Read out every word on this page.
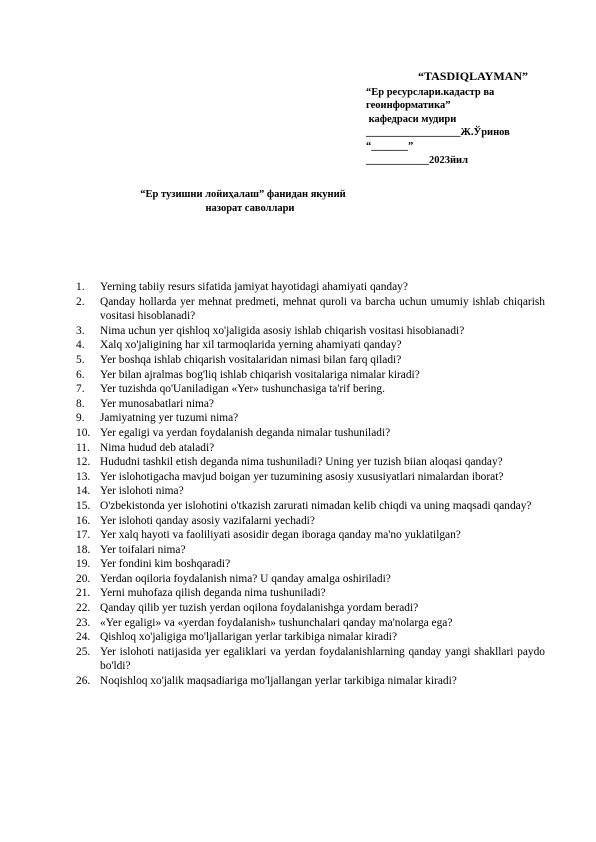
“TASDIQLAYMAN”
“Ер ресурслари.кадастр ва
геоинформатика”
кафедраси мудири
__________________Ж.Ўринов
“_______”
____________2023йил
“Ер тузишни лойиҳалаш” фанидан якуний
назорат саволлари
1.	Yerning tabiiy resurs sifatida jamiyat hayotidagi ahamiyati qanday?
2.	Qanday hollarda yer mehnat predmeti, mehnat quroli va barcha uchun umumiy ishlab chiqarish vositasi hisoblanadi?
3.	Nima uchun yer qishloq xo'jaligida asosiy ishlab chiqarish vositasi hisobianadi?
4.	Xalq xo'jaligining har xil tarmoqlarida yerning ahamiyati qanday?
5.	Yer boshqa ishlab chiqarish vositalaridan nimasi bilan farq qiladi?
6.	Yer bilan ajralmas bog'liq ishlab chiqarish vositalariga nimalar kiradi?
7.	Yer tuzishda qo'Uaniladigan «Yer» tushunchasiga ta'rif bering.
8.	Yer munosabatlari nima?
9.	Jamiyatning yer tuzumi nima?
10. Yer egaligi va yerdan foydalanish deganda nimalar tushuniladi?
11. Nima hudud deb ataladi?
12. Hududni tashkil etish deganda nima tushuniladi? Uning yer tuzish biian aloqasi qanday?
13. Yer islohotigacha mavjud boigan yer tuzumining asosiy xususiyatlari nimalardan iborat?
14. Yer islohoti nima?
15. O'zbekistonda yer islohotini o'tkazish zarurati nimadan kelib chiqdi va uning maqsadi qanday?
16. Yer islohoti qanday asosiy vazifalarni yechadi?
17. Yer xalq hayoti va faoliliyati asosidir degan iboraga qanday ma'no yuklatilgan?
18. Yer toifalari nima?
19. Yer fondini kim boshqaradi?
20. Yerdan oqiloria foydalanish nima? U qanday amalga oshiriladi?
21. Yerni muhofaza qilish deganda nima tushuniladi?
22. Qanday qilib yer tuzish yerdan oqilona foydalanishga yordam beradi?
23. «Yer egaligi» va «yerdan foydalanish» tushunchalari qanday ma'nolarga ega?
24. Qishloq xo'jaligiga mo'ljallarigan yerlar tarkibiga nimalar kiradi?
25. Yer islohoti natijasida yer egaliklari va yerdan foydalanishlarning qanday yangi shakllari paydo bo'ldi?
26. Noqishloq xo'jalik maqsadiariga mo'ljallangan yerlar tarkibiga nimalar kiradi?
